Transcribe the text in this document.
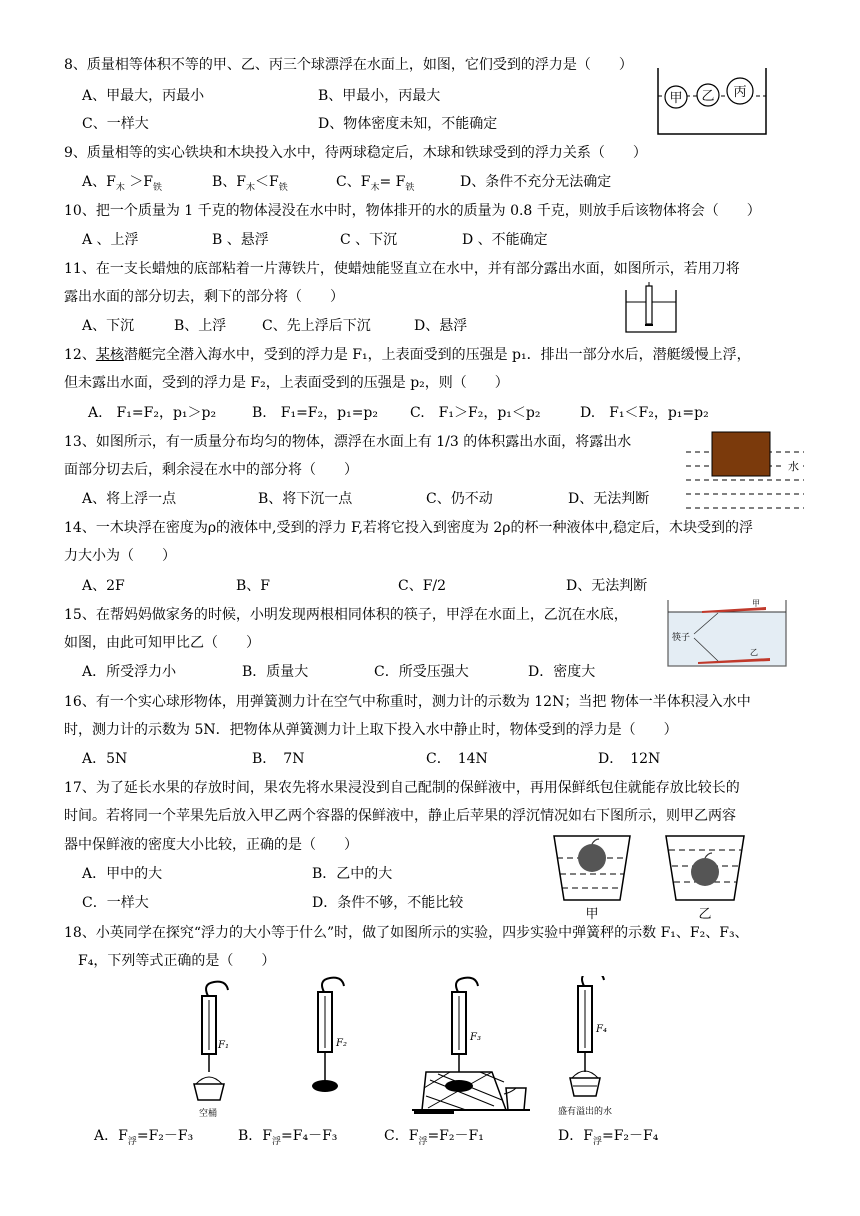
8、质量相等体积不等的甲、乙、丙三个球漂浮在水面上，如图，它们受到的浮力是（　　）
A、甲最大，丙最小	B、甲最小，丙最大
C、一样大	D、物体密度未知，不能确定
甲 乙 丙
9、质量相等的实心铁块和木块投入水中，待两球稳定后，木球和铁球受到的浮力关系（　　）
A、$F_木 >F_铁$	B、$F_木<F_铁$	C、$F_木= F_铁$	D、条件不充分无法确定
10、把一个质量为 1 千克的物体浸没在水中时，物体排开的水的质量为 0.8 千克，则放手后该物体将会（　　）
A 、上浮	B 、悬浮	C 、下沉	D 、不能确定
11、在一支长蜡烛的底部粘着一片薄铁片，使蜡烛能竖直立在水中，并有部分露出水面，如图所示，若用刀将
露出水面的部分切去，剩下的部分将（　　）
A、下沉	B、上浮	C、先上浮后下沉	D、悬浮
12、某核潜艇完全潜入海水中，受到的浮力是 F₁，上表面受到的压强是 p₁．排出一部分水后，潜艇缓慢上浮，
但未露出水面，受到的浮力是 F₂，上表面受到的压强是 p₂，则（　　）
A.　F₁=F₂，p₁＞p₂	B.　F₁=F₂，p₁=p₂ C.　F₁＞F₂，p₁＜p₂	D.　F₁＜F₂，p₁=p₂
13、如图所示，有一质量分布均匀的物体，漂浮在水面上有 1/3 的体积露出水面，将露出水
面部分切去后，剩余浸在水中的部分将（　　）
A、将上浮一点	B、将下沉一点	C、仍不动	D、无法判断
水
14、一木块浮在密度为ρ的液体中,受到的浮力 F,若将它投入到密度为 2ρ的杯一种液体中,稳定后，木块受到的浮
力大小为（　　）
A、2F	B、F	C、F/2	D、无法判断
15、在帮妈妈做家务的时候，小明发现两根相同体积的筷子，甲浮在水面上，乙沉在水底，
如图，由此可知甲比乙（　　）
A．所受浮力小	B．质量大	C．所受压强大	D．密度大
甲
乙
筷子
16、有一个实心球形物体，用弹簧测力计在空气中称重时，测力计的示数为 12N；当把 物体一半体积浸入水中
时，测力计的示数为 5N．把物体从弹簧测力计上取下投入水中静止时，物体受到的浮力是（　　）
A．5N	B．　7N	C．　14N	D．　12N
17、为了延长水果的存放时间，果农先将水果浸没到自己配制的保鲜液中，再用保鲜纸包住就能存放比较长的
时间。若将同一个苹果先后放入甲乙两个容器的保鲜液中，静止后苹果的浮沉情况如右下图所示，则甲乙两容
器中保鲜液的密度大小比较，正确的是（　　）
A．甲中的大	B．乙中的大
C．一样大	D．条件不够，不能比较
甲	乙
18、小英同学在探究“浮力的大小等于什么”时，做了如图所示的实验，四步实验中弹簧秤的示数 F₁、F₂、F₃、
F₄，下列等式正确的是（　　）
F₁
空桶
F₂
F₃
F₄
盛有溢出的水
A．$F_浮=F_2-F_3$	B．$F_浮=F_4-F_3$	C．$F_浮=F_2-F_1$	D．$F_浮=F_2-F_4$
